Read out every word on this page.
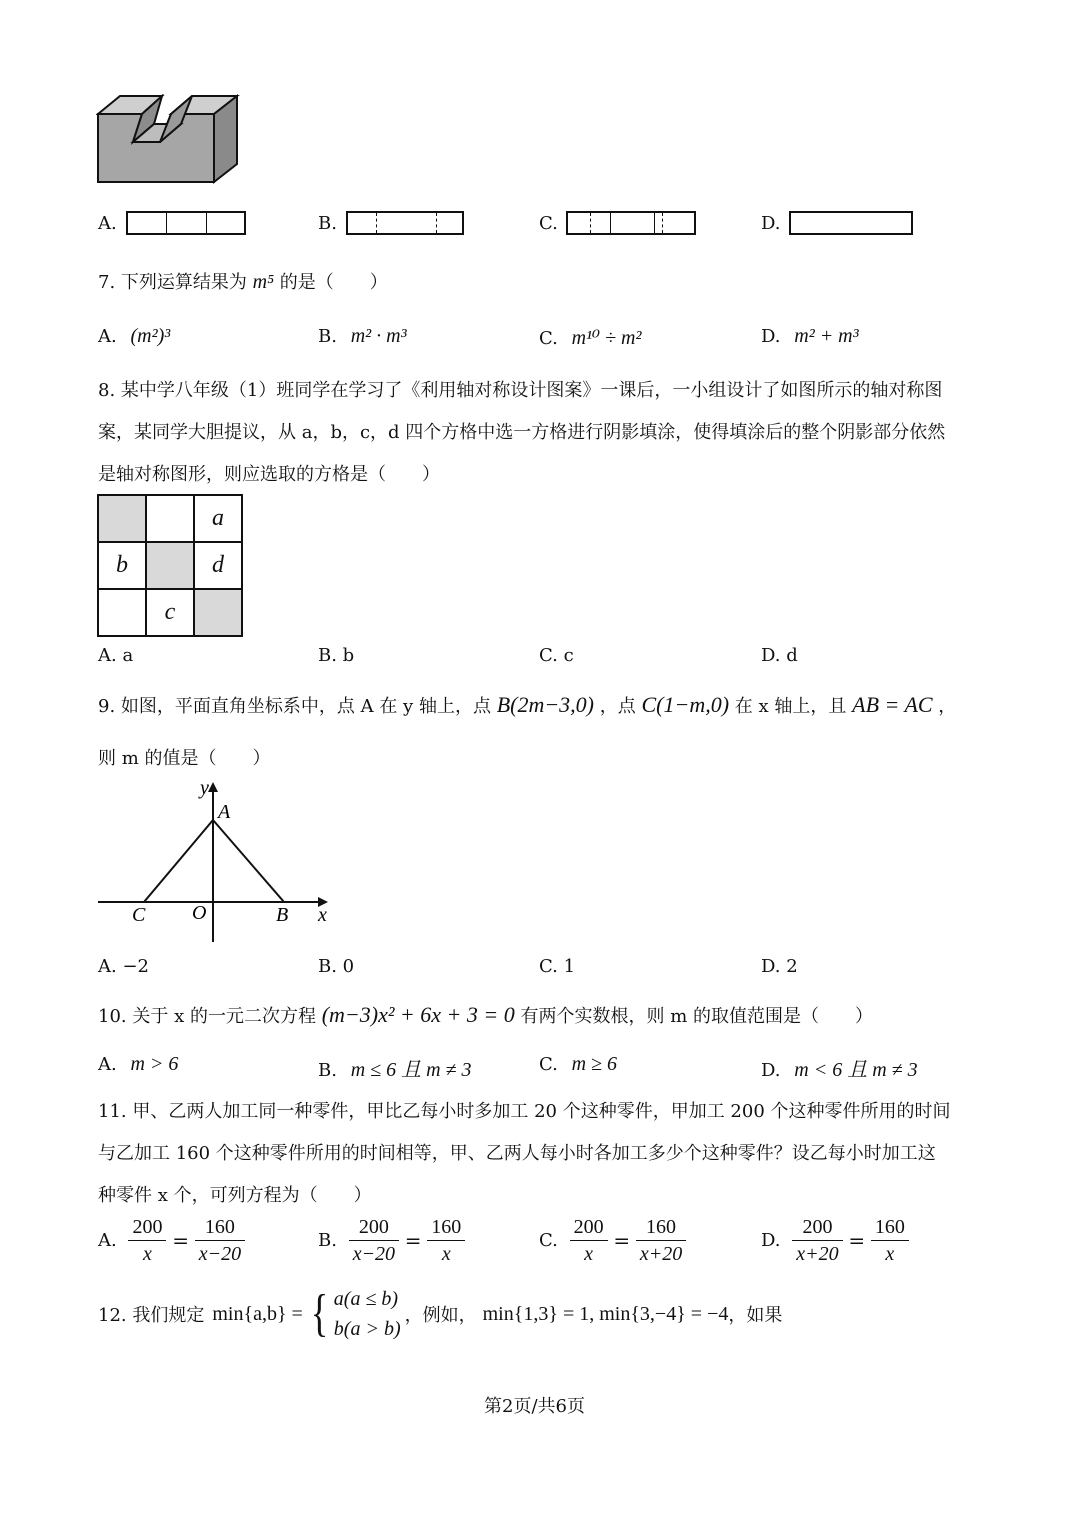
A.	B.	C.	D.
7. 下列运算结果为 m⁵ 的是（　　）
A. (m²)³	B. m² · m³	C. m¹⁰ ÷ m²	D. m² + m³
8. 某中学八年级（1）班同学在学习了《利用轴对称设计图案》一课后，一小组设计了如图所示的轴对称图
案，某同学大胆提议，从 a，b，c，d 四个方格中选一方格进行阴影填涂，使得填涂后的整个阴影部分依然
是轴对称图形，则应选取的方格是（　　）
		a
b		d
	c	
A. a	B. b	C. c	D. d
9. 如图，平面直角坐标系中，点 A 在 y 轴上，点 B(2m−3,0) ，点 C(1−m,0) 在 x 轴上，且 AB = AC ，
则 m 的值是（　　）
y
A
C O	B x
A. −2	B. 0	C. 1	D. 2
10. 关于 x 的一元二次方程 (m−3)x² + 6x + 3 = 0 有两个实数根，则 m 的取值范围是（　　）
A. m > 6	B. m ≤ 6 且 m ≠ 3	C. m ≥ 6	D. m < 6 且 m ≠ 3
11. 甲、乙两人加工同一种零件，甲比乙每小时多加工 20 个这种零件，甲加工 200 个这种零件所用的时间
与乙加工 160 个这种零件所用的时间相等，甲、乙两人每小时各加工多少个这种零件？设乙每小时加工这
种零件 x 个，可列方程为（　　）
A. $\frac{200}{x} = \frac{160}{x-20}$	B. $\frac{200}{x-20} = \frac{160}{x}$	C. $\frac{200}{x} = \frac{160}{x+20}$	D. $\frac{200}{x+20} = \frac{160}{x}$
12. 我们规定 min{a,b} = { a(a ≤ b)
b(a > b)
，例如， min{1,3} = 1, min{3,−4} = −4 ，如果
第2页/共6页
